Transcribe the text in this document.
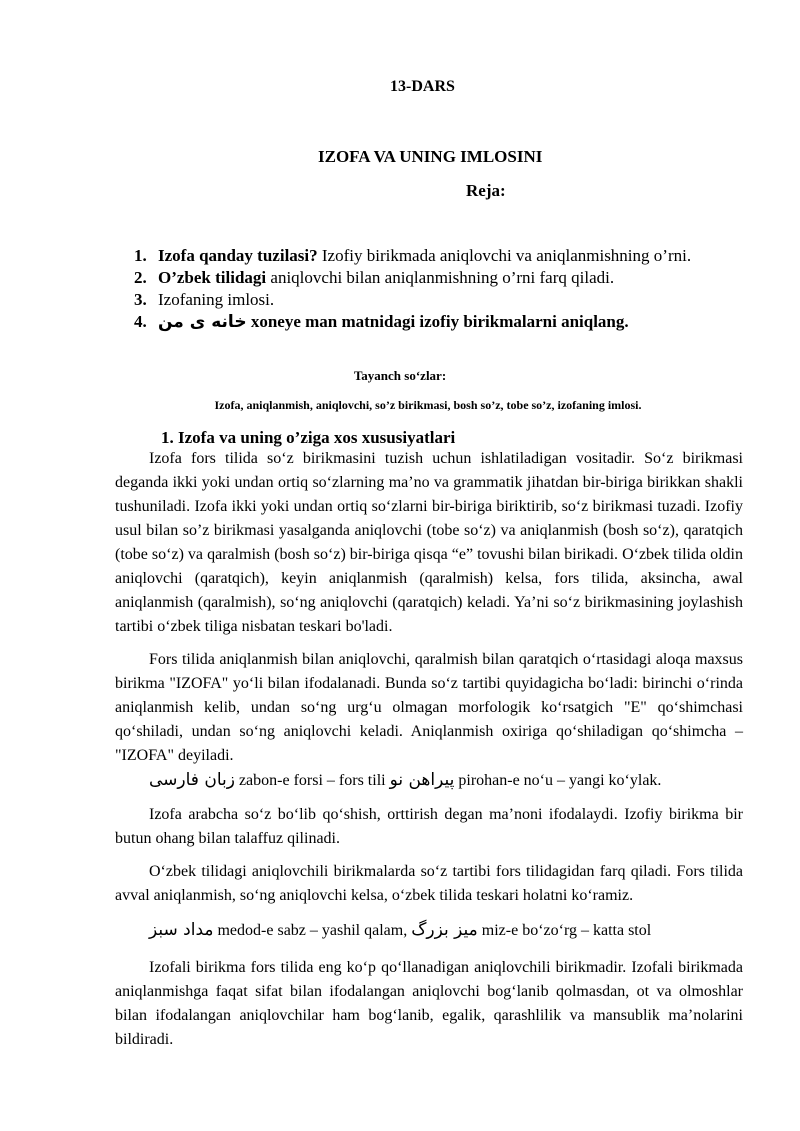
13-DARS
IZOFA VA UNING IMLOSINI
Reja:
1. Izofa qanday tuzilasi? Izofiy birikmada aniqlovchi va aniqlanmishning o’rni.
2. O’zbek tilidagi aniqlovchi bilan aniqlanmishning o’rni farq qiladi.
3. Izofaning imlosi.
4. خانه ی من xoneye man matnidagi izofiy birikmalarni aniqlang.
Tayanch soʻzlar:
Izofa, aniqlanmish, aniqlovchi, so’z birikmasi, bosh so’z, tobe so’z, izofaning imlosi.
1. Izofa va uning o’ziga xos xususiyatlari

Izofa fors tilida soʻz birikmasini tuzish uchun ishlatiladigan vositadir. Soʻz birikmasi deganda ikki yoki undan ortiq soʻzlarning maʼno va grammatik jihatdan bir-biriga birikkan shakli tushuniladi. Izofa ikki yoki undan ortiq soʻzlarni bir-biriga biriktirib, soʻz birikmasi tuzadi. Izofiy usul bilan so’z birikmasi yasalganda aniqlovchi (tobe soʻz) va aniqlanmish (bosh soʻz), qaratqich (tobe soʻz) va qaralmish (bosh soʻz) bir-biriga qisqa “e” tovushi bilan birikadi. Oʻzbek tilida oldin aniqlovchi (qaratqich), keyin aniqlanmish (qaralmish) kelsa, fors tilida, aksincha, awal aniqlanmish (qaralmish), soʻng aniqlovchi (qaratqich) keladi. Yaʼni soʻz birikmasining joylashish tartibi oʻzbek tiliga nisbatan teskari bo'ladi.

Fors tilida aniqlanmish bilan aniqlovchi, qaralmish bilan qaratqich oʻrtasidagi aloqa maxsus birikma "IZOFA" yoʻli bilan ifodalanadi. Bunda soʻz tartibi quyidagicha boʻladi: birinchi oʻrinda aniqlanmish kelib, undan soʻng urgʻu olmagan morfologik koʻrsatgich "E" qoʻshimchasi qoʻshiladi, undan soʻng aniqlovchi keladi. Aniqlanmish oxiriga qoʻshiladigan qoʻshimcha – "IZOFA" deyiladi.

زبان فارسی zabon-e forsi – fors tili پیراهن نو pirohan-e noʻu – yangi koʻylak.

Izofa arabcha soʻz boʻlib qoʻshish, orttirish degan maʼnoni ifodalaydi. Izofiy birikma bir butun ohang bilan talaffuz qilinadi.

Oʻzbek tilidagi aniqlovchili birikmalarda soʻz tartibi fors tilidagidan farq qiladi. Fors tilida avval aniqlanmish, soʻng aniqlovchi kelsa, oʻzbek tilida teskari holatni koʻramiz.

مداد سبز medod-e sabz – yashil qalam, میز بزرگ miz-e boʻzoʻrg – katta stol

Izofali birikma fors tilida eng koʻp qoʻllanadigan aniqlovchili birikmadir. Izofali birikmada aniqlanmishga faqat sifat bilan ifodalangan aniqlovchi bogʻlanib qolmasdan, ot va olmoshlar bilan ifodalangan aniqlovchilar ham bogʻlanib, egalik, qarashlilik va mansublik maʼnolarini bildiradi.
